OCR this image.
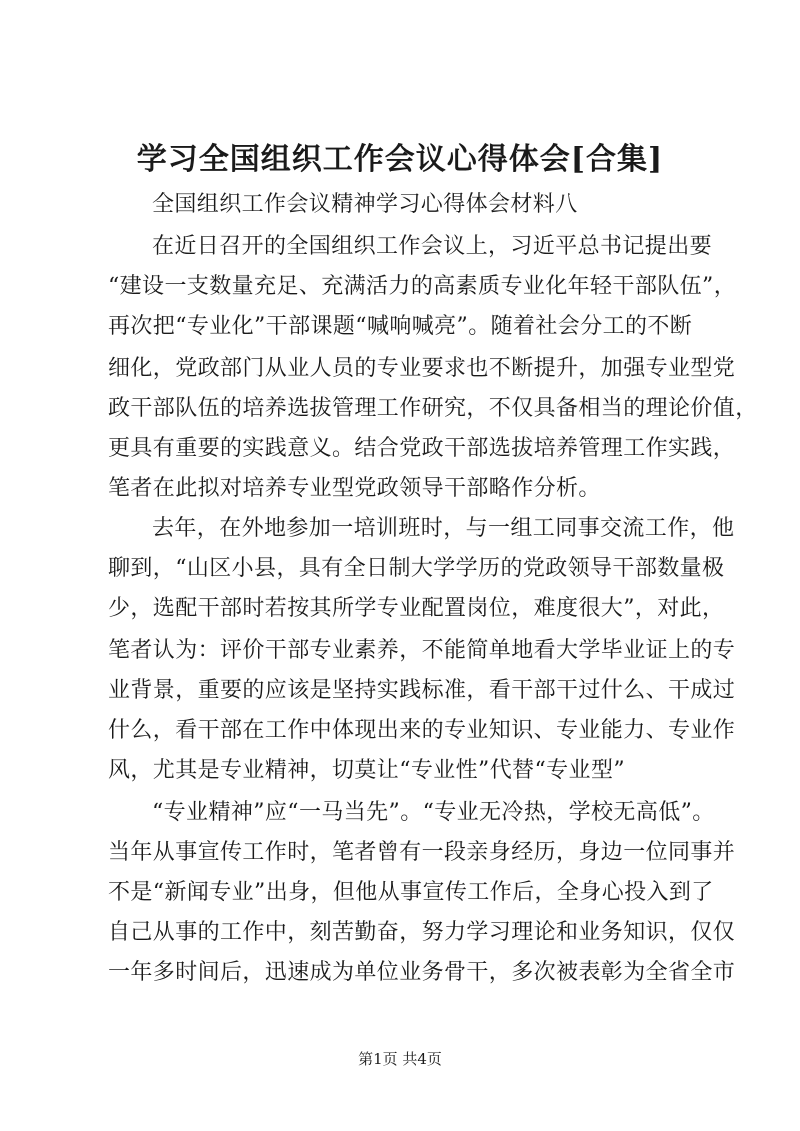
学习全国组织工作会议心得体会[合集]
全国组织工作会议精神学习心得体会材料八
在近日召开的全国组织工作会议上，习近平总书记提出要
“建设一支数量充足、充满活力的高素质专业化年轻干部队伍”，
再次把“专业化”干部课题“喊响喊亮”。随着社会分工的不断
细化，党政部门从业人员的专业要求也不断提升，加强专业型党
政干部队伍的培养选拔管理工作研究，不仅具备相当的理论价值，
更具有重要的实践意义。结合党政干部选拔培养管理工作实践，
笔者在此拟对培养专业型党政领导干部略作分析。
去年，在外地参加一培训班时，与一组工同事交流工作，他
聊到，“山区小县，具有全日制大学学历的党政领导干部数量极
少，选配干部时若按其所学专业配置岗位，难度很大”，对此，
笔者认为：评价干部专业素养，不能简单地看大学毕业证上的专
业背景，重要的应该是坚持实践标准，看干部干过什么、干成过
什么，看干部在工作中体现出来的专业知识、专业能力、专业作
风，尤其是专业精神，切莫让“专业性”代替“专业型”
“专业精神”应“一马当先”。“专业无冷热，学校无高低”。
当年从事宣传工作时，笔者曾有一段亲身经历，身边一位同事并
不是“新闻专业”出身，但他从事宣传工作后，全身心投入到了
自己从事的工作中，刻苦勤奋，努力学习理论和业务知识，仅仅
一年多时间后，迅速成为单位业务骨干，多次被表彰为全省全市
第1页 共4页
